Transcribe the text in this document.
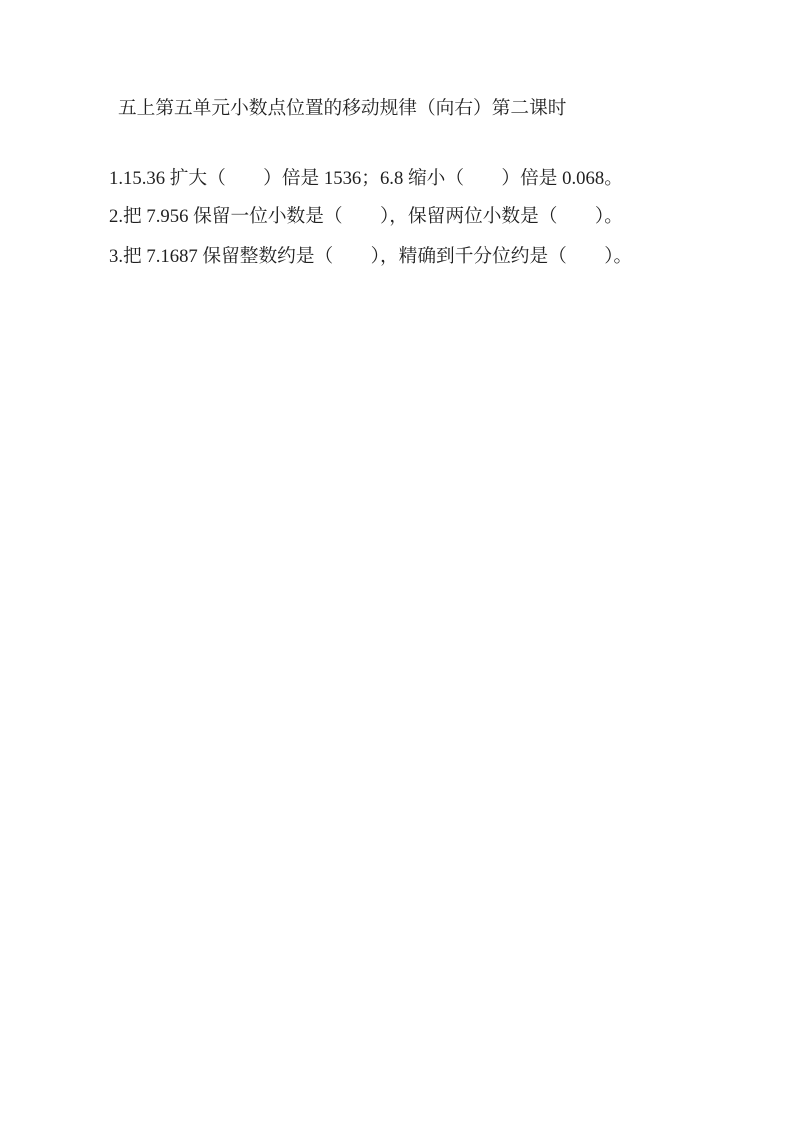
五上第五单元小数点位置的移动规律（向右）第二课时

1.15.36 扩大（　　）倍是 1536；6.8 缩小（　　）倍是 0.068。

2.把 7.956 保留一位小数是（　　），保留两位小数是（　　）。

3.把 7.1687 保留整数约是（　　），精确到千分位约是（　　）。
